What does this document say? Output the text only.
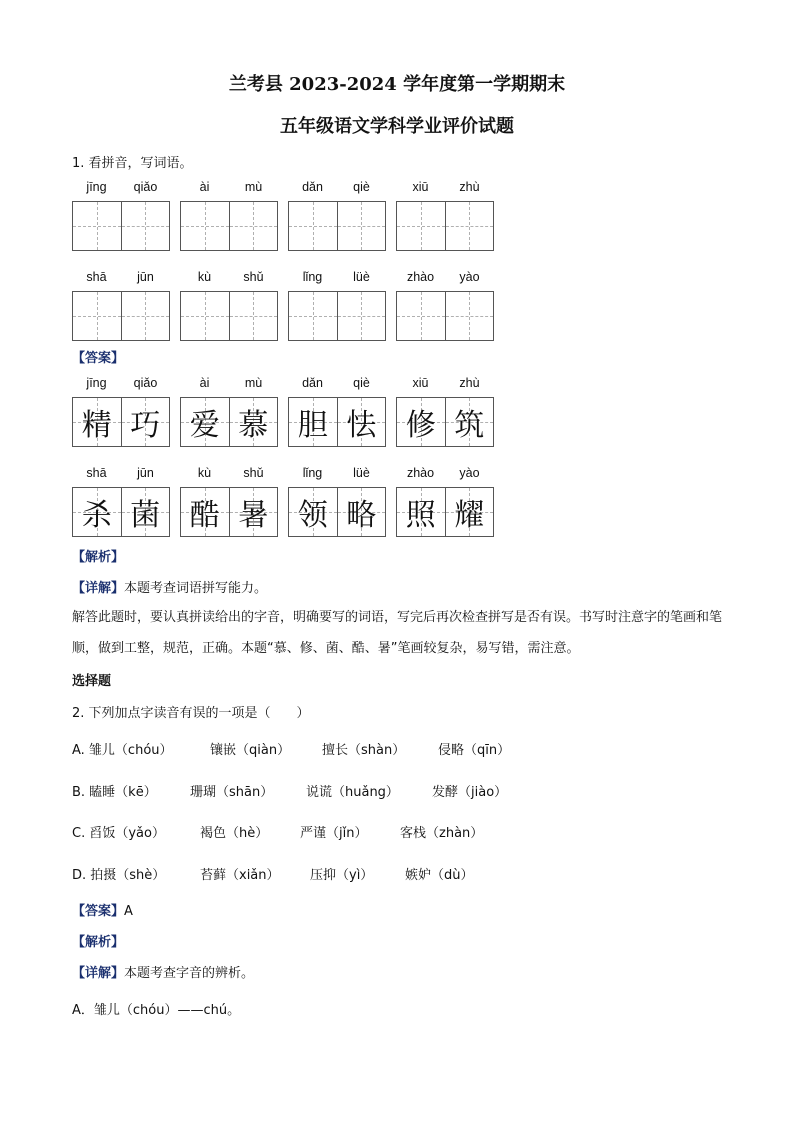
兰考县 2023-2024 学年度第一学期期末
五年级语文学科学业评价试题
1. 看拼音，写词语。
jīng	qiǎo	ài	mù	dǎn	qiè	xiū	zhù
shā	jūn	kù	shǔ	lǐng	lüè	zhào	yào
【答案】
jīng	qiǎo
精 巧
ài	mù
爱 慕
dǎn	qiè
胆 怯
xiū	zhù
修 筑
shā	jūn
杀 菌
kù	shǔ
酷 暑
lǐng	lüè
领 略
zhào	yào
照 耀
【解析】
【详解】本题考查词语拼写能力。
解答此题时，要认真拼读给出的字音，明确要写的词语，写完后再次检查拼写是否有误。书写时注意字的笔画和笔顺，做到工整，规范，正确。本题“慕、修、菌、酷、暑”笔画较复杂，易写错，需注意。
选择题
2. 下列加点字读音有误的一项是（　　）
A. 雏儿（chóu）	镶嵌（qiàn） 擅长（shàn）	侵略（qīn）
B. 瞌睡（kē）	珊瑚（shān）	说谎（huǎng）	发酵（jiào）
C. 舀饭（yǎo）	褐色（hè） 严谨（jǐn）	客栈（zhàn）
D. 拍摄（shè）	苔藓（xiǎn） 压抑（yì） 嫉妒（dù）
【答案】A
【解析】
【详解】本题考查字音的辨析。
A．雏儿（chóu）——chú。
